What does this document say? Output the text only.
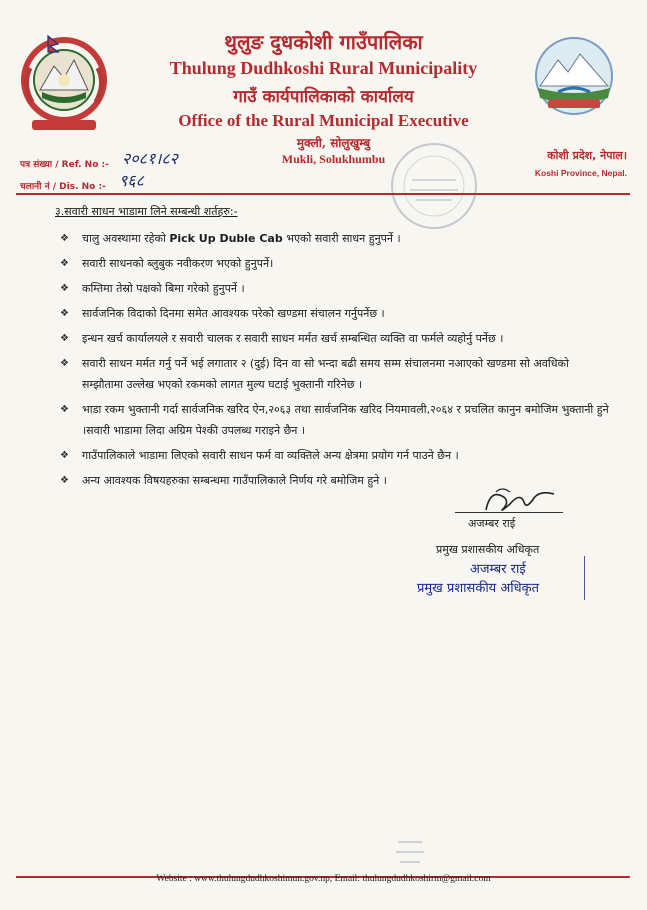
थुलुङ दुधकोशी गाउँपालिका
Thulung Dudhkoshi Rural Municipality
गाउँ कार्यपालिकाको कार्यालय
Office of the Rural Municipal Executive
मुक्ली, सोलुखुम्बु
Mukli, Solukhumbu
पत्र संख्या / Ref. No :- २०८१।८२
चलानी नं / Dis. No :- ९६८
कोशी प्रदेश, नेपाल।
Koshi Province, Nepal.
३.सवारी साधन भाडामा लिने सम्बन्धी शर्तहरु:-
❖ चालु अवस्थामा रहेको Pick Up Duble Cab भएको सवारी साधन हुनुपर्ने ।
❖ सवारी साधनको ब्लुबुक नवीकरण भएको हुनुपर्ने।
❖ कम्तिमा तेस्रो पक्षको बिमा गरेको हुनुपर्ने ।
❖ सार्वजनिक विदाको दिनमा समेत आवश्यक परेको खण्डमा संचालन गर्नुपर्नेछ ।
❖ इन्धन खर्च कार्यालयले र सवारी चालक र सवारी साधन मर्मत खर्च सम्बन्धित व्यक्ति वा फर्मले व्यहोर्नु पर्नेछ ।
❖ सवारी साधन मर्मत गर्नु पर्ने भई लगातार २ (दुई) दिन वा सो भन्दा बढी समय सम्म संचालनमा नआएको खण्डमा सो अवधिको सम्झौतामा उल्लेख भएको रकमको लागत मुल्य घटाई भुक्तानी गरिनेछ ।
❖ भाडा रकम भुक्तानी गर्दा सार्वजनिक खरिद ऐन,२०६३ तथा सार्वजनिक खरिद नियमावली,२०६४ र प्रचलित कानुन बमोजिम भुक्तानी हुने ।सवारी भाडामा लिदा अग्रिम पेश्की उपलब्ध गराइने छैन ।
❖ गाउँपालिकाले भाडामा लिएको सवारी साधन फर्म वा व्यक्तिले अन्य क्षेत्रमा प्रयोग गर्न पाउने छैन ।
❖ अन्य आवश्यक विषयहरुका सम्बन्धमा गाउँपालिकाले निर्णय गरे बमोजिम हुने ।
अजम्बर राई
प्रमुख प्रशासकीय अधिकृत
अजम्बर राई
प्रमुख प्रशासकीय अधिकृत
Website : www.thulungdudhkoshimun.gov.np, Email: thulungdudhkoshirm@gmail.com
